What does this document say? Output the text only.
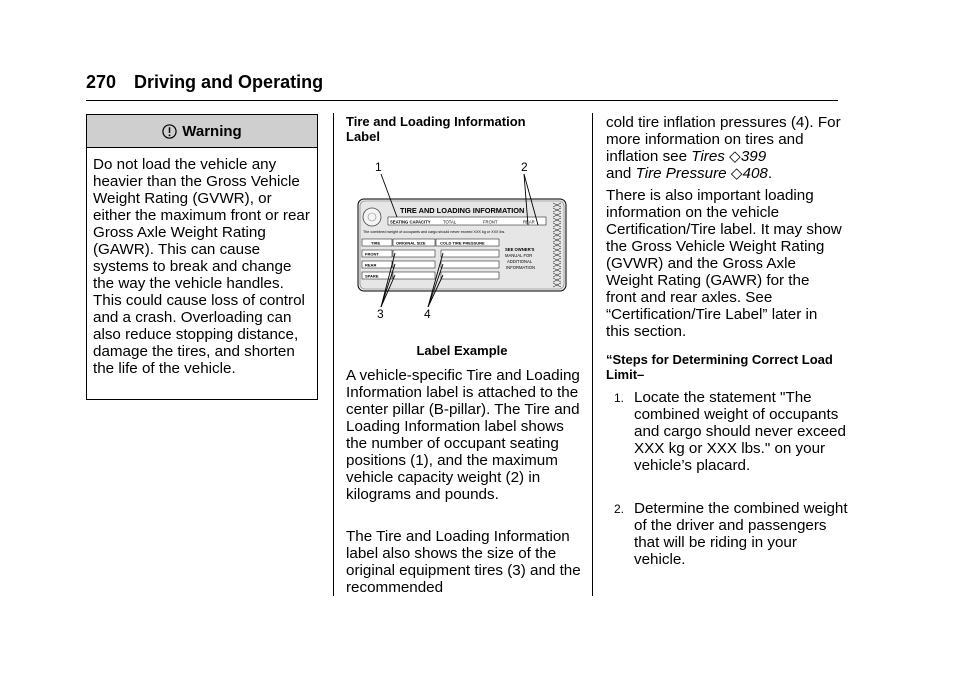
270 Driving and Operating
Warning
Do not load the vehicle any heavier than the Gross Vehicle Weight Rating (GVWR), or either the maximum front or rear Gross Axle Weight Rating (GAWR). This can cause systems to break and change the way the vehicle handles. This could cause loss of control and a crash. Overloading can also reduce stopping distance, damage the tires, and shorten the life of the vehicle.
Tire and Loading Information Label
1	2
3	4
TIRE AND LOADING INFORMATION
SEATING CAPACITY	TOTAL	FRONT	REAR
The combined weight of occupants and cargo should never exceed XXX kg or XXX lbs.
TIRE	ORIGINAL SIZE	COLD TIRE PRESSURE
FRONT
REAR
SPARE
SEE OWNER'S
MANUAL FOR
ADDITIONAL
INFORMATION
Label Example
A vehicle-specific Tire and Loading Information label is attached to the center pillar (B-pillar). The Tire and Loading Information label shows the number of occupant seating positions (1), and the maximum vehicle capacity weight (2) in kilograms and pounds.
The Tire and Loading Information label also shows the size of the original equipment tires (3) and the recommended
cold tire inflation pressures (4). For more information on tires and inflation see Tires ◇399
and Tire Pressure ◇408.
There is also important loading information on the vehicle Certification/Tire label. It may show the Gross Vehicle Weight Rating (GVWR) and the Gross Axle Weight Rating (GAWR) for the front and rear axles. See “Certification/Tire Label” later in this section.
“Steps for Determining Correct Load Limit–
1. Locate the statement "The combined weight of occupants and cargo should never exceed XXX kg or XXX lbs." on your vehicle’s placard.
2. Determine the combined weight of the driver and passengers that will be riding in your vehicle.
